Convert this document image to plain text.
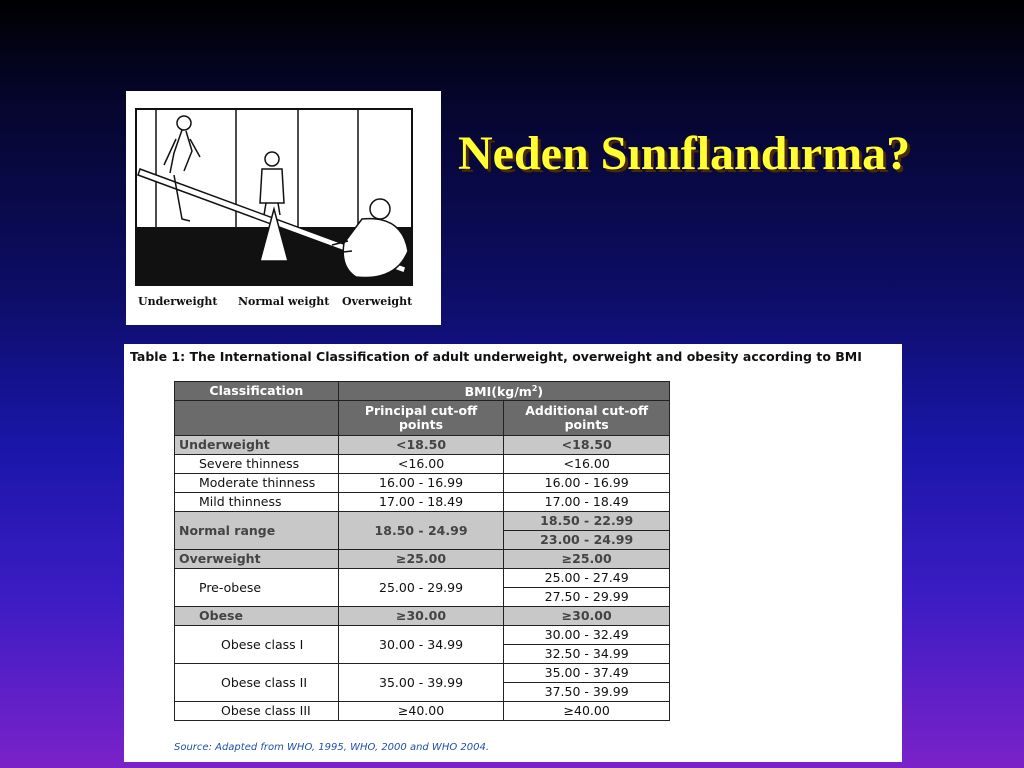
Underweight Normal weight Overweight
Neden Sınıflandırma?
Table 1: The International Classification of adult underweight, overweight and obesity according to BMI
Classification	$BMI(kg/m^2)$	
	Principal cut-off points	Additional cut-off points
Underweight	<18.50	<18.50
Severe thinness	<16.00	<16.00
Moderate thinness	16.00 - 16.99	16.00 - 16.99
Mild thinness	17.00 - 18.49	17.00 - 18.49
Normal range	18.50 - 24.99	18.50 - 22.99
		23.00 - 24.99
Overweight	≥25.00	≥25.00
Pre-obese	25.00 - 29.99	25.00 - 27.49
		27.50 - 29.99
Obese	≥30.00	≥30.00
Obese class I	30.00 - 34.99	30.00 - 32.49
		32.50 - 34.99
Obese class II	35.00 - 39.99	35.00 - 37.49
		37.50 - 39.99
Obese class III	≥40.00	≥40.00
Source: Adapted from WHO, 1995, WHO, 2000 and WHO 2004.
